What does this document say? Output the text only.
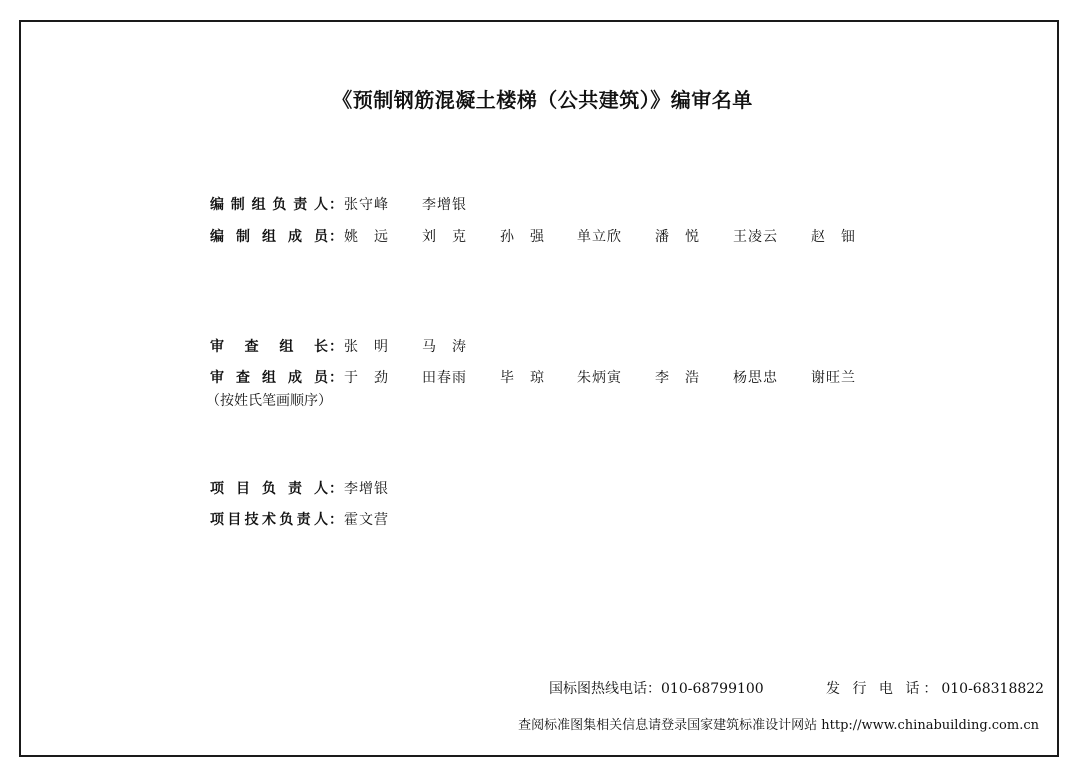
《预制钢筋混凝土楼梯（公共建筑）》编审名单
编 制 组 负 责 人 ： 张 守 峰 李 增 银
编 制 组 成 员 ： 姚 远 刘 克 孙 强 单 立 欣 潘 悦 王 凌 云 赵 钿
审 查 组 长 ： 张 明 马 涛
审 查 组 成 员 ： 于 劲 田 春 雨 毕 琼 朱 炳 寅 李 浩 杨 思 忠 谢 旺 兰
（按姓氏笔画顺序）
项 目 负 责 人 ： 李 增 银
项 目 技 术 负 责 人 ： 霍 文 营
国标图热线电话：010-68799100	发 行 电 话：010-68318822
查阅标准图集相关信息请登录国家建筑标准设计网站 http://www.chinabuilding.com.cn
